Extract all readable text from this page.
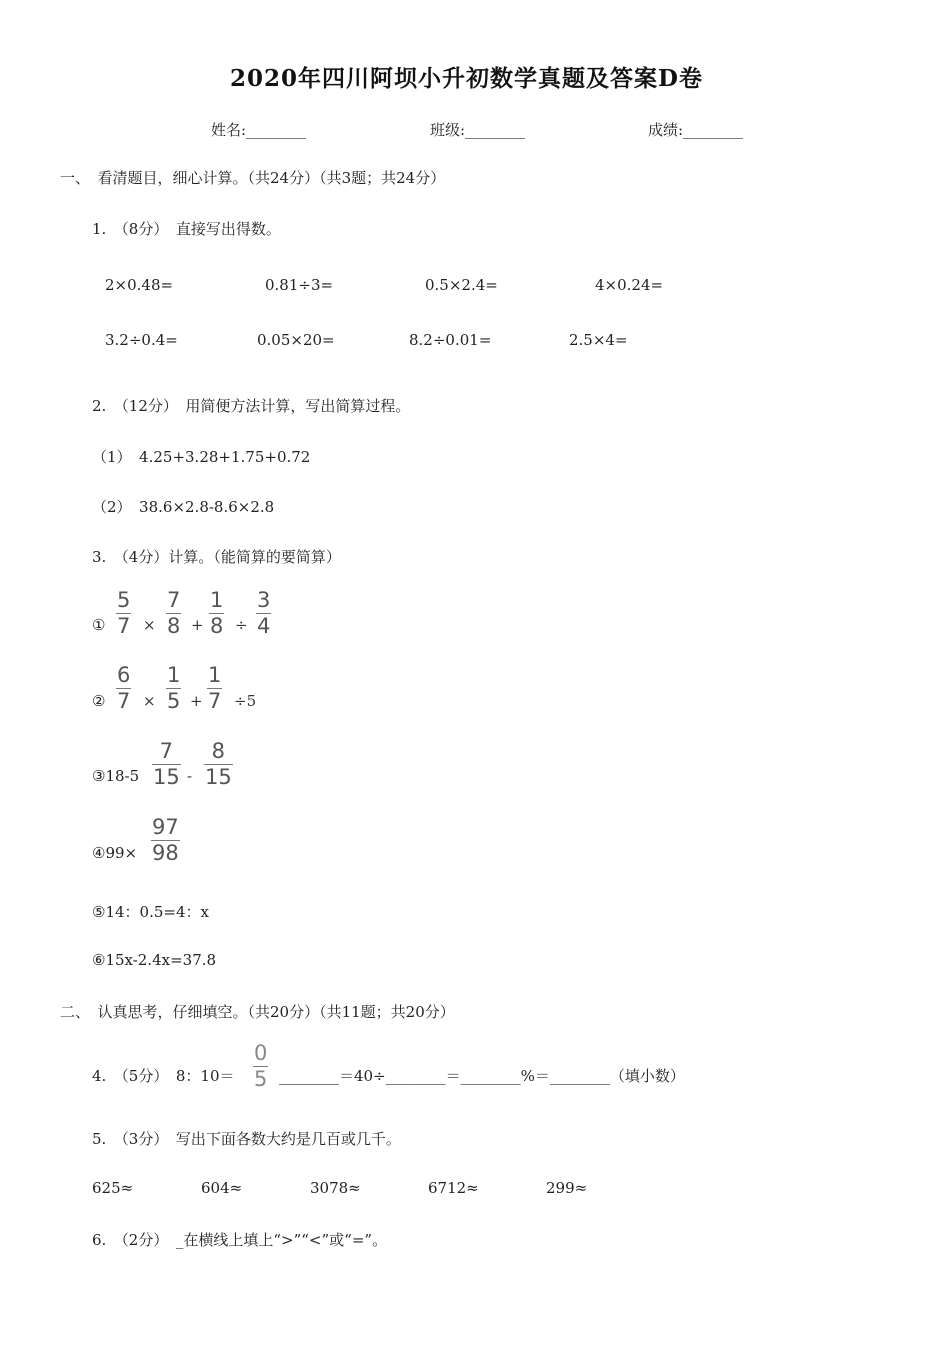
2020年四川阿坝小升初数学真题及答案D卷
姓名:________	班级:________	成绩:________
一、　看清题目，细心计算。（共24分）（共3题；共24分）
1.　（8分）　直接写出得数。
2×0.48=	0.81÷3=	0.5×2.4=	4×0.24=
3.2÷0.4=	0.05×20=	8.2÷0.01=	2.5×4=
2.　（12分）　用简便方法计算，写出简算过程。
（1）　4.25+3.28+1.75+0.72
（2）　38.6×2.8-8.6×2.8
3.　（4分）计算。（能简算的要简算）
①
5
7 ×
7
8 +
1
8 ÷
3
4
②
6
7 ×
1
5 +
1
7 ÷5
③18-5
7
15 -
8
15
④99×
97
98
⑤14：0.5=4：x
⑥15x-2.4x=37.8
二、　认真思考，仔细填空。（共20分）（共11题；共20分）
4.　（5分）　8：10＝
0
5 ________＝40÷________＝________%＝________（填小数）
5.　（3分）　写出下面各数大约是几百或几千。
625≈	604≈	3078≈	6712≈	299≈
6.　（2分）　_在横线上填上“>”“<”或“=”。
